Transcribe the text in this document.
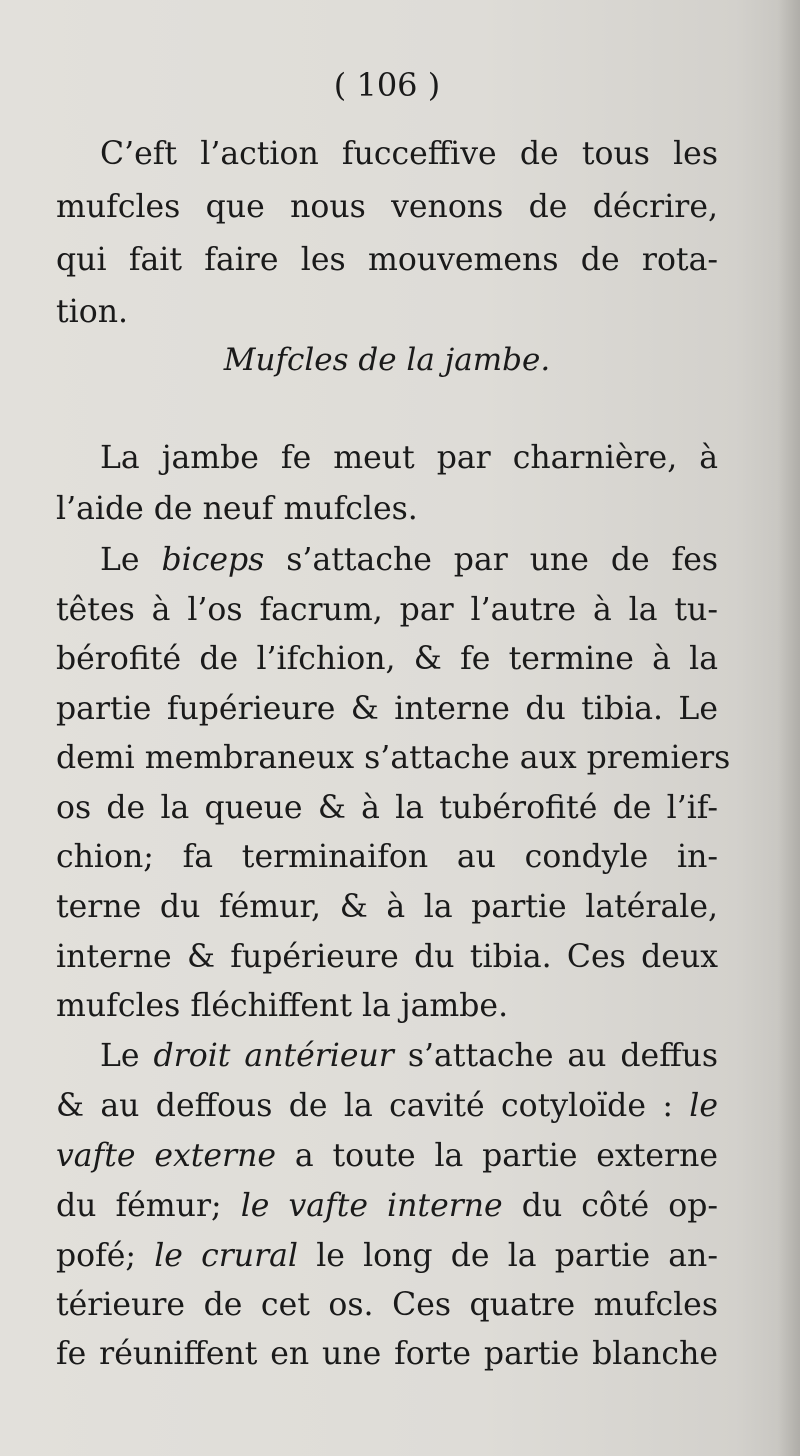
( 106 )
C’eft l’action fucceffive de tous les
mufcles que nous venons de décrire,
qui fait faire les mouvemens de rota-
tion.
Mufcles de la jambe.
La jambe fe meut par charnière, à
l’aide de neuf mufcles.
Le biceps s’attache par une de fes
têtes à l’os facrum, par l’autre à la tu-
bérofité de l’ifchion, & fe termine à la
partie fupérieure & interne du tibia. Le
demi membraneux s’attache aux premiers
os de la queue & à la tubérofité de l’if-
chion; fa terminaifon au condyle in-
terne du fémur, & à la partie latérale,
interne & fupérieure du tibia. Ces deux
mufcles fléchiffent la jambe.
Le droit antérieur s’attache au deffus
& au deffous de la cavité cotyloïde : le
vafte externe a toute la partie externe
du fémur; le vafte interne du côté op-
pofé; le crural le long de la partie an-
térieure de cet os. Ces quatre mufcles
fe réuniffent en une forte partie blanche
